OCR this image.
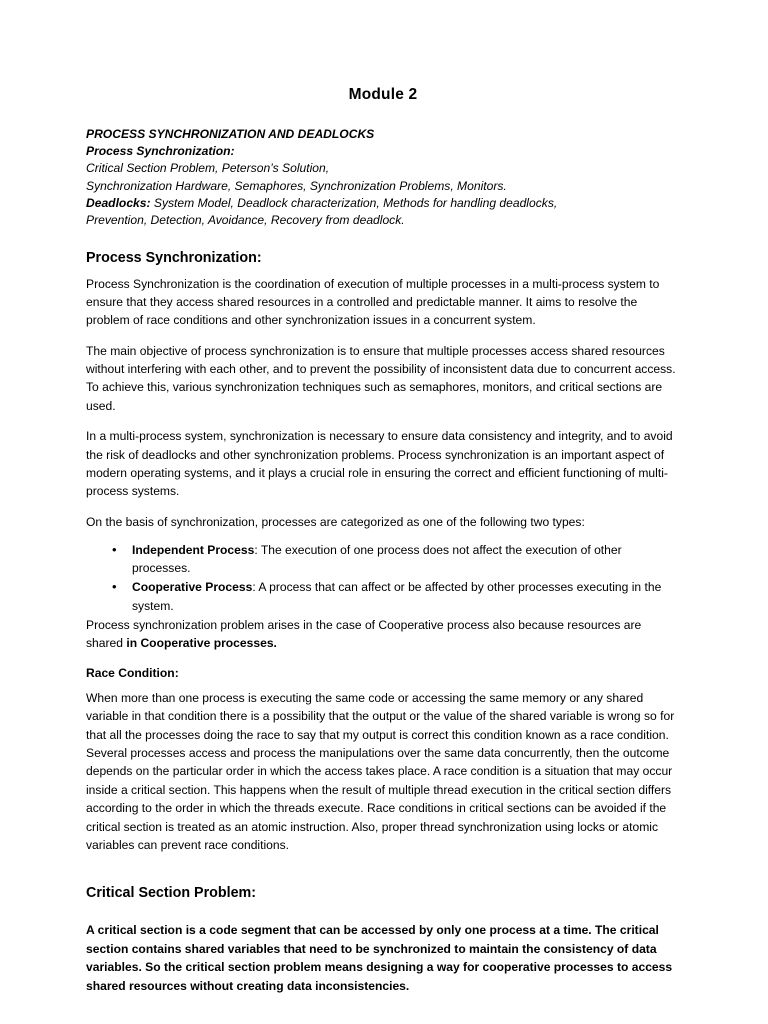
Module 2
PROCESS SYNCHRONIZATION AND DEADLOCKS
Process Synchronization:
Critical Section Problem, Peterson’s Solution,
Synchronization Hardware, Semaphores, Synchronization Problems, Monitors.
Deadlocks: System Model, Deadlock characterization, Methods for handling deadlocks,
Prevention, Detection, Avoidance, Recovery from deadlock.
Process Synchronization:

Process Synchronization is the coordination of execution of multiple processes in a multi-process system to ensure that they access shared resources in a controlled and predictable manner. It aims to resolve the problem of race conditions and other synchronization issues in a concurrent system.

The main objective of process synchronization is to ensure that multiple processes access shared resources without interfering with each other, and to prevent the possibility of inconsistent data due to concurrent access. To achieve this, various synchronization techniques such as semaphores, monitors, and critical sections are used.

In a multi-process system, synchronization is necessary to ensure data consistency and integrity, and to avoid the risk of deadlocks and other synchronization problems. Process synchronization is an important aspect of modern operating systems, and it plays a crucial role in ensuring the correct and efficient functioning of multi-process systems.

On the basis of synchronization, processes are categorized as one of the following two types:

• Independent Process: The execution of one process does not affect the execution of other processes.
• Cooperative Process: A process that can affect or be affected by other processes executing in the system.

Process synchronization problem arises in the case of Cooperative process also because resources are shared in Cooperative processes.

Race Condition:

When more than one process is executing the same code or accessing the same memory or any shared variable in that condition there is a possibility that the output or the value of the shared variable is wrong so for that all the processes doing the race to say that my output is correct this condition known as a race condition. Several processes access and process the manipulations over the same data concurrently, then the outcome depends on the particular order in which the access takes place. A race condition is a situation that may occur inside a critical section. This happens when the result of multiple thread execution in the critical section differs according to the order in which the threads execute. Race conditions in critical sections can be avoided if the critical section is treated as an atomic instruction. Also, proper thread synchronization using locks or atomic variables can prevent race conditions.

Critical Section Problem:

A critical section is a code segment that can be accessed by only one process at a time. The critical section contains shared variables that need to be synchronized to maintain the consistency of data variables. So the critical section problem means designing a way for cooperative processes to access shared resources without creating data inconsistencies.
